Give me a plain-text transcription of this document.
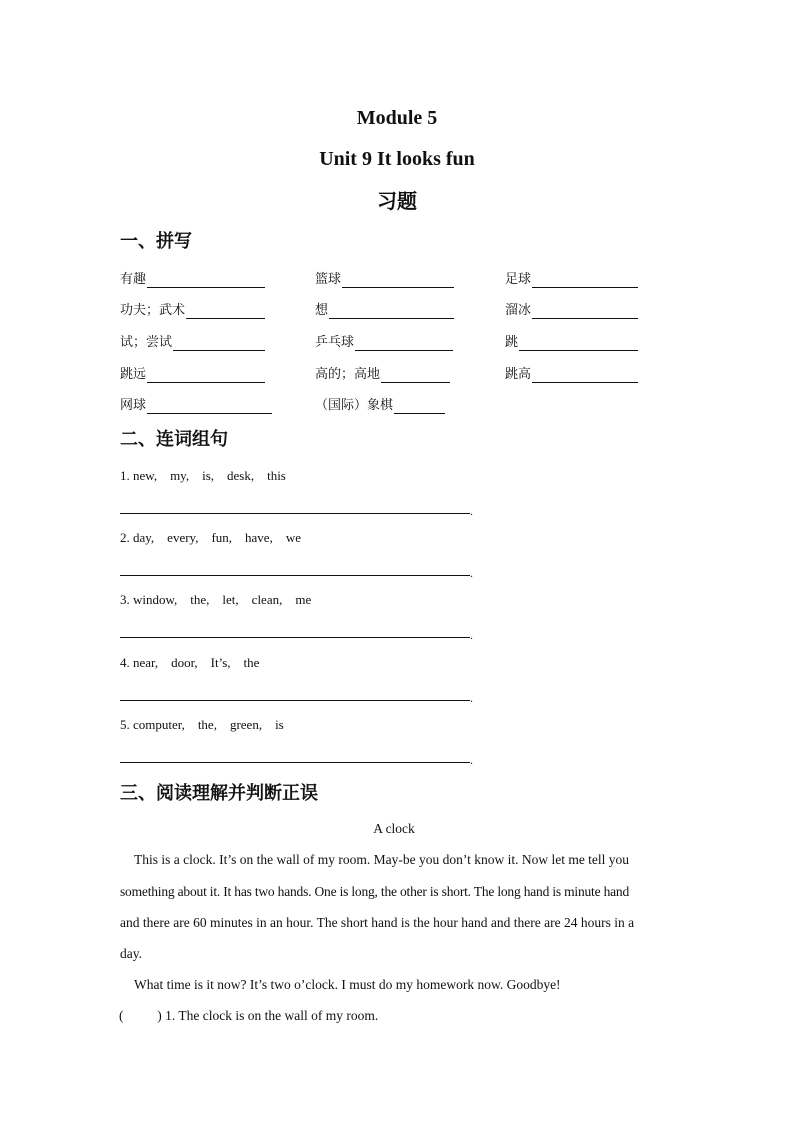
Module 5
Unit 9 It looks fun
习题
一、拼写
有趣	篮球	足球
功夫；武术	想	溜冰
试；尝试	乒乓球	跳
跳远	高的；高地	跳高
网球	（国际）象棋
二、连词组句
1. new,    my,    is,    desk,    this
.
2. day,    every,    fun,    have,    we
.
3. window,    the,    let,    clean,    me
.
4. near,    door,    It’s,    the
.
5. computer,    the,    green,    is
.
三、阅读理解并判断正误
A clock
This is a clock. It’s on the wall of my room. May-be you don’t know it. Now let me tell you
something about it. It has two hands. One is long, the other is short. The long hand is minute hand
and there are 60 minutes in an hour. The short hand is the hour hand and there are 24 hours in a
day.
What time is it now? It’s two o’clock. I must do my homework now. Goodbye!
(          ) 1. The clock is on the wall of my room.
